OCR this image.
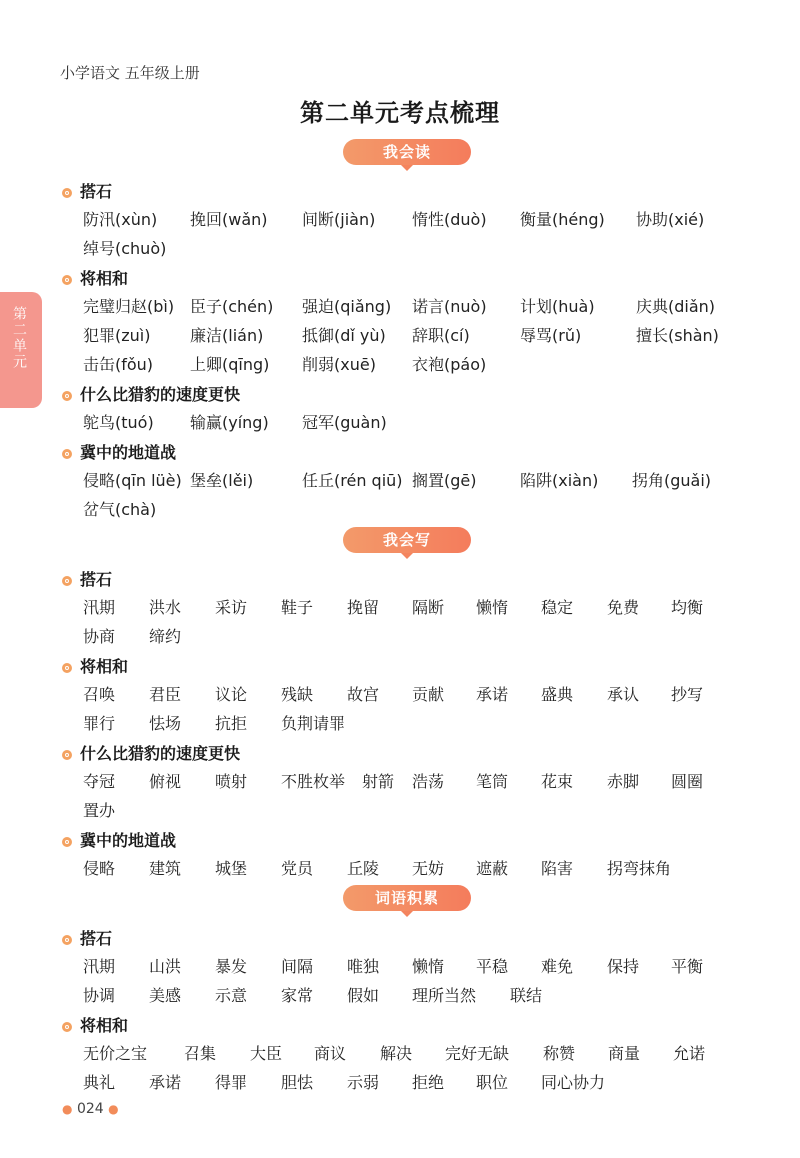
小学语文 五年级上册
第二单元考点梳理
第二单元
我会读
我会写
词语积累
搭石
防汛(xùn) 挽回(wǎn) 间断(jiàn) 惰性(duò) 衡量(héng) 协助(xié)
绰号(chuò)
将相和
完璧归赵(bì) 臣子(chén) 强迫(qiǎng) 诺言(nuò) 计划(huà)	庆典(diǎn)
犯罪(zuì) 廉洁(lián) 抵御(dǐ yù) 辞职(cí)	辱骂(rǔ)	擅长(shàn)
击缶(fǒu) 上卿(qīng) 削弱(xuē) 衣袍(páo)
什么比猎豹的速度更快
鸵鸟(tuó) 输赢(yíng) 冠军(guàn)
冀中的地道战
侵略(qīn lüè) 堡垒(lěi)	任丘(rén qiū) 搁置(gē)	陷阱(xiàn) 拐角(guǎi)
岔气(chà)
搭石
汛期 洪水 采访 鞋子 挽留 隔断 懒惰 稳定 免费 均衡
协商 缔约
将相和
召唤 君臣 议论 残缺 故宫 贡献 承诺 盛典 承认 抄写
罪行 怯场 抗拒 负荆请罪
什么比猎豹的速度更快
夺冠 俯视 喷射 不胜枚举 射箭 浩荡 笔筒 花束 赤脚 圆圈
置办
冀中的地道战
侵略 建筑 城堡 党员 丘陵 无妨 遮蔽 陷害 拐弯抹角
搭石
汛期 山洪 暴发 间隔 唯独 懒惰 平稳 难免 保持 平衡
协调 美感 示意 家常 假如 理所当然 联结
将相和
无价之宝 召集 大臣 商议 解决 完好无缺 称赞 商量 允诺
典礼 承诺 得罪 胆怯 示弱 拒绝 职位 同心协力
● 024 ●
